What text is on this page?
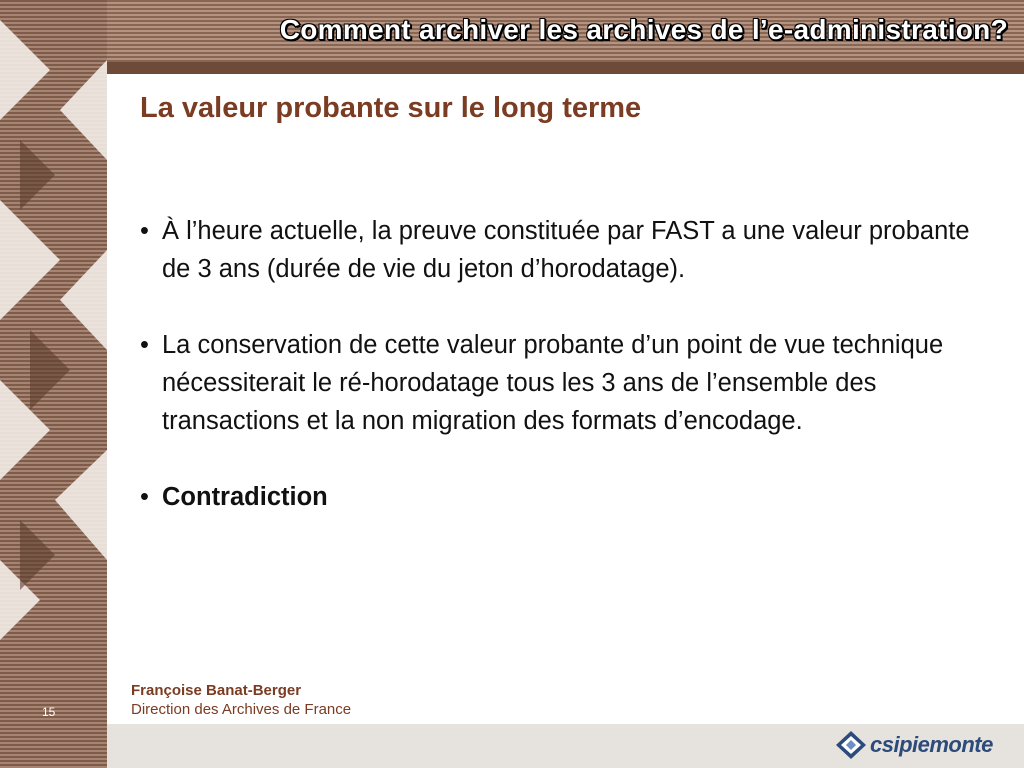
15
Comment archiver les archives de l’e-administration?
La valeur probante sur le long terme
• À l’heure actuelle, la preuve constituée par FAST a une valeur probante de 3 ans (durée de vie du jeton d’horodatage).
• La conservation de cette valeur probante d’un point de vue technique nécessiterait le ré-horodatage tous les 3 ans de l’ensemble des transactions et la non migration des formats d’encodage.
• Contradiction
Françoise Banat-Berger
Direction des Archives de France
csipiemonte
